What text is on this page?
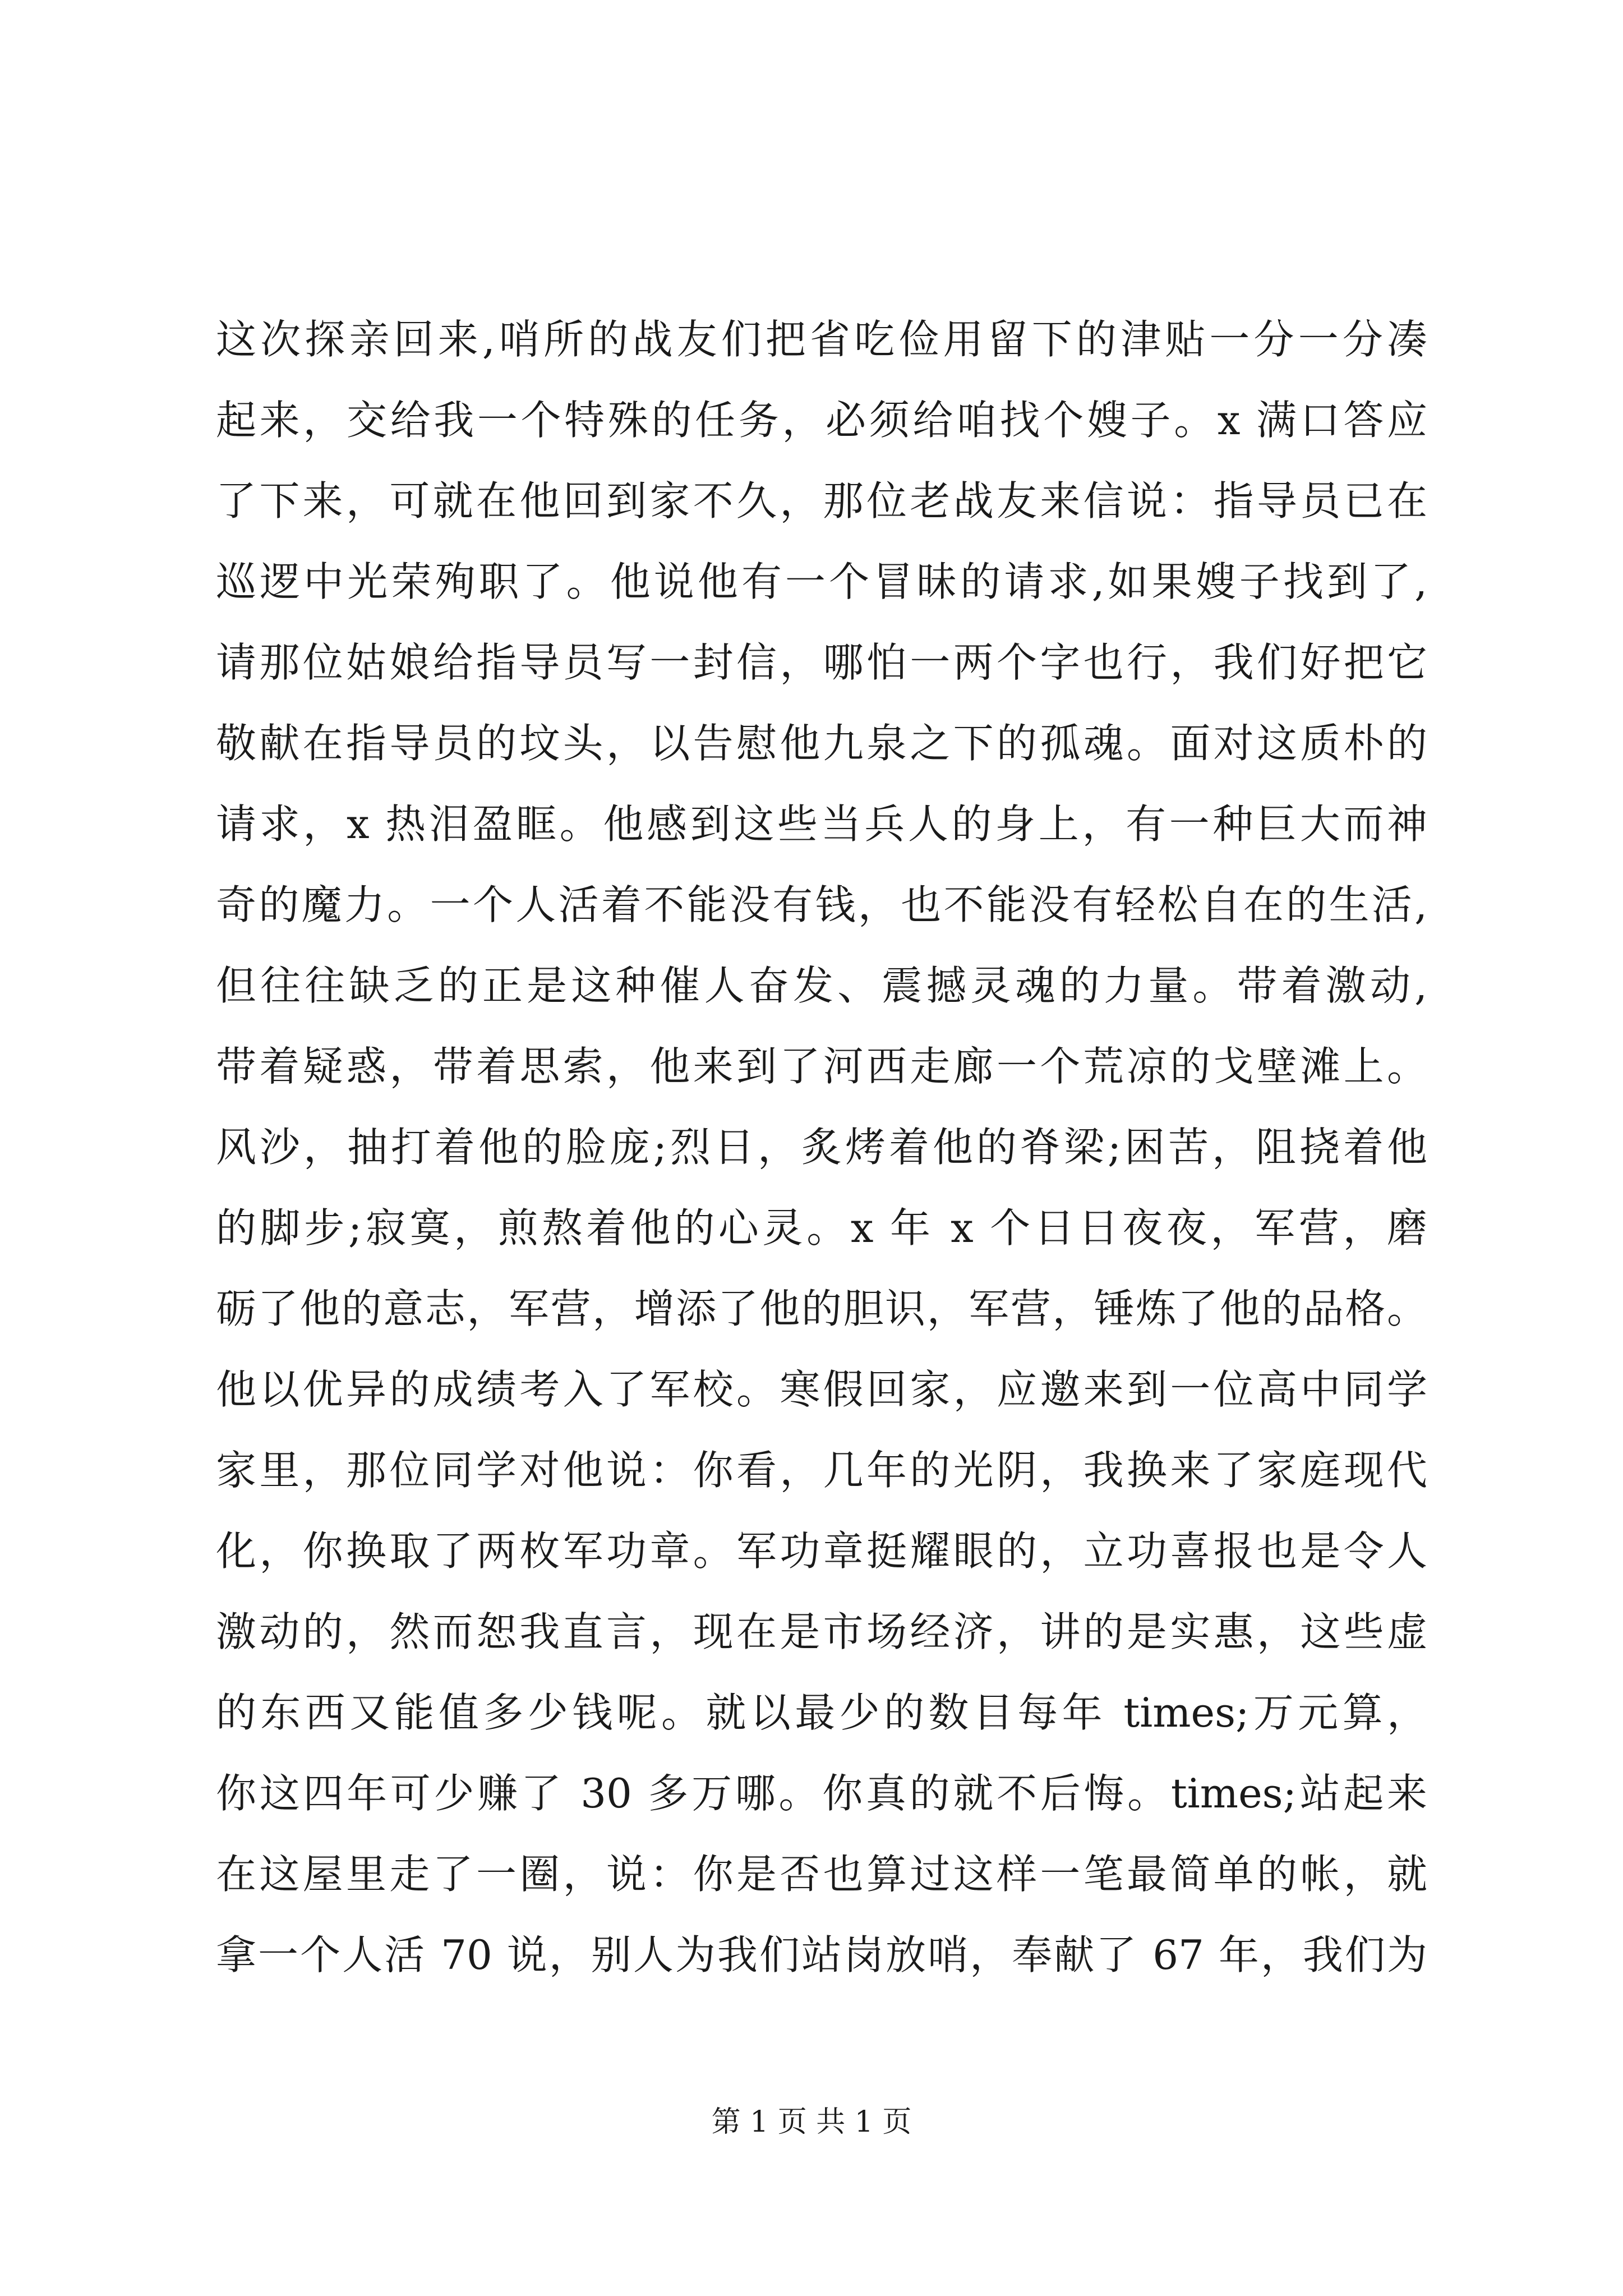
这次探亲回来,哨所的战友们把省吃俭用留下的津贴一分一分凑
起来，交给我一个特殊的任务，必须给咱找个嫂子。x 满口答应
了下来，可就在他回到家不久，那位老战友来信说：指导员已在
巡逻中光荣殉职了。他说他有一个冒昧的请求,如果嫂子找到了,
请那位姑娘给指导员写一封信，哪怕一两个字也行，我们好把它
敬献在指导员的坟头，以告慰他九泉之下的孤魂。面对这质朴的
请求，x 热泪盈眶。他感到这些当兵人的身上，有一种巨大而神
奇的魔力。一个人活着不能没有钱，也不能没有轻松自在的生活,
但往往缺乏的正是这种催人奋发、震撼灵魂的力量。带着激动,
带着疑惑，带着思索，他来到了河西走廊一个荒凉的戈壁滩上。
风沙，抽打着他的脸庞;烈日，炙烤着他的脊梁;困苦，阻挠着他
的脚步;寂寞，煎熬着他的心灵。x 年 x 个日日夜夜，军营，磨
砺了他的意志，军营，增添了他的胆识，军营，锤炼了他的品格。
他以优异的成绩考入了军校。寒假回家，应邀来到一位高中同学
家里，那位同学对他说：你看，几年的光阴，我换来了家庭现代
化，你换取了两枚军功章。军功章挺耀眼的，立功喜报也是令人
激动的，然而恕我直言，现在是市场经济，讲的是实惠，这些虚
的东西又能值多少钱呢。就以最少的数目每年 times;万元算，
你这四年可少赚了 30 多万哪。你真的就不后悔。times;站起来
在这屋里走了一圈，说：你是否也算过这样一笔最简单的帐，就
拿一个人活 70 说，别人为我们站岗放哨，奉献了 67 年，我们为
第 1 页 共 1 页
